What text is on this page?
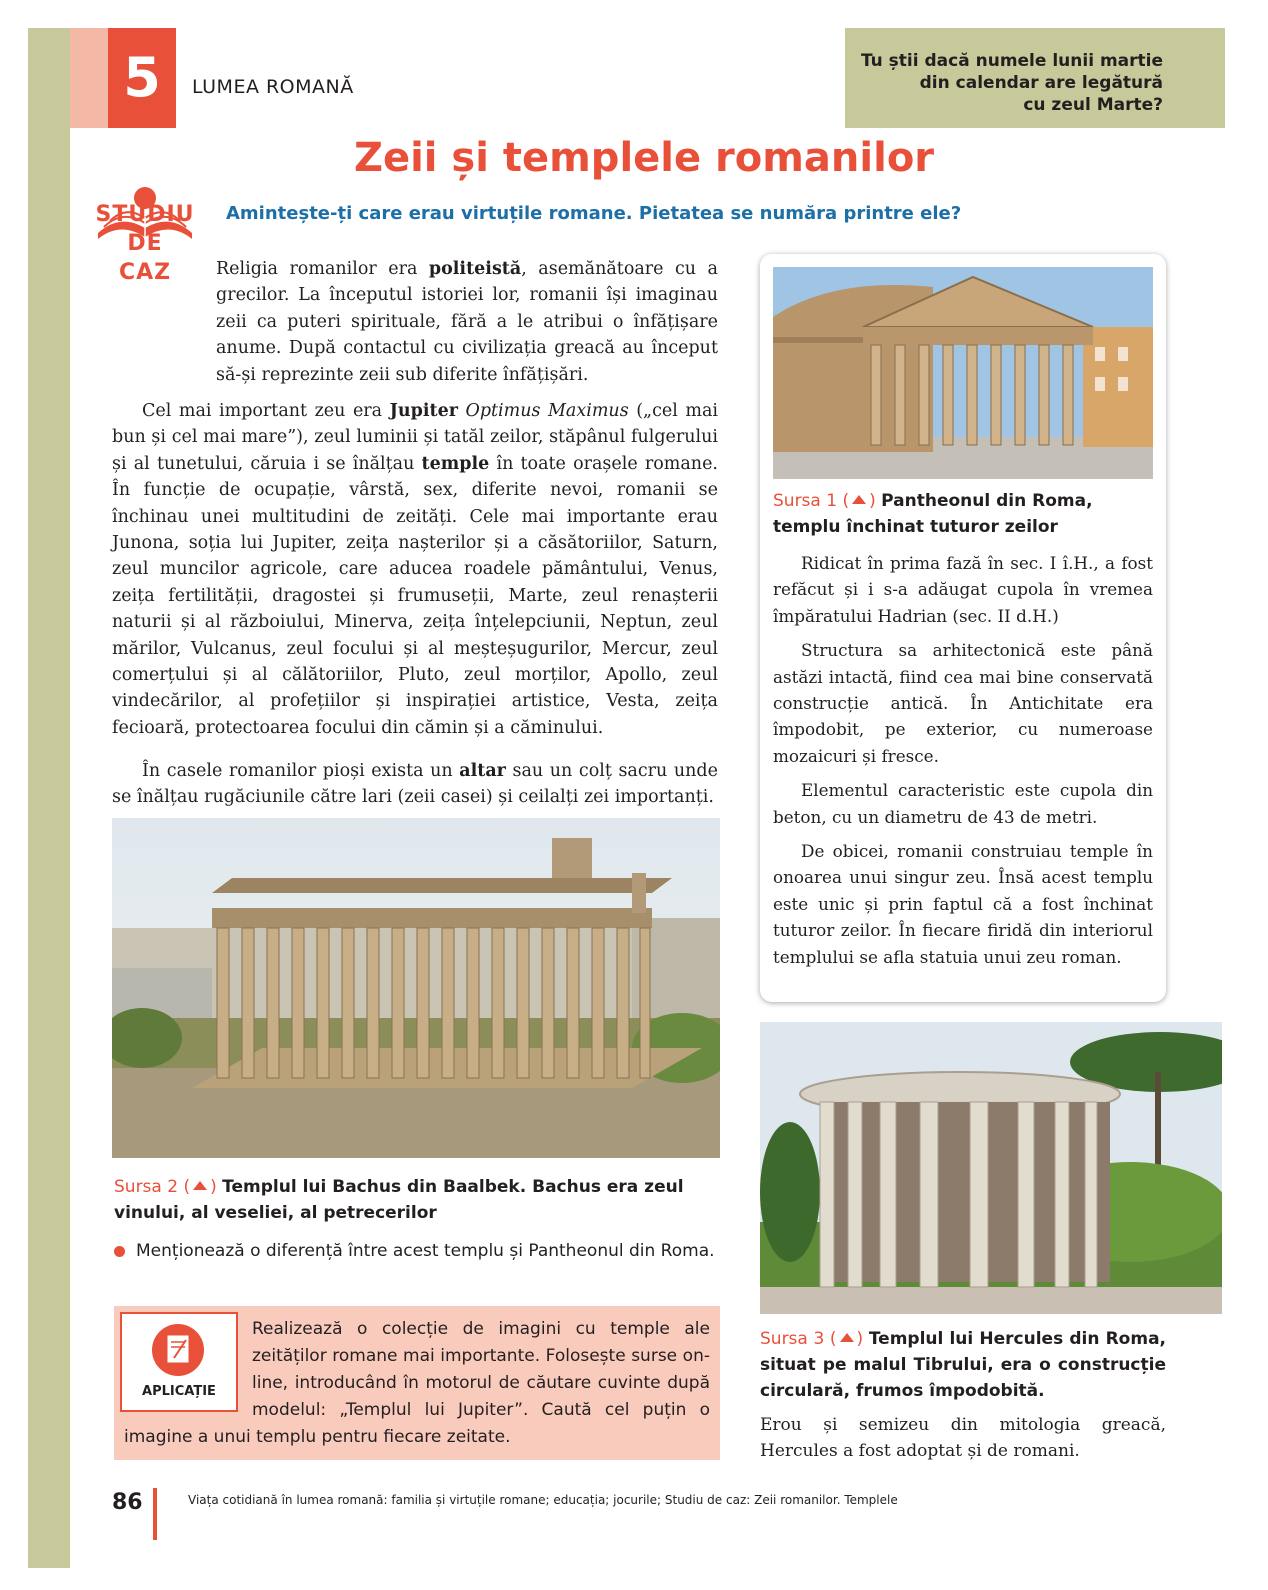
5	LUMEA ROMANĂ
Tu știi dacă numele lunii martie
din calendar are legătură
cu zeul Marte?
STUDIU
DE
CAZ
Zeii și templele romanilor
Amintește-ți care erau virtuțile romane. Pietatea se număra printre ele?
Religia romanilor era politeistă, asemănătoare cu a grecilor. La începutul istoriei lor, romanii își imaginau zeii ca puteri spirituale, fără a le atribui o înfățișare anume. După contactul cu civilizația greacă au început să-și reprezinte zeii sub diferite înfățișări.
Cel mai important zeu era Jupiter Optimus Maximus („cel mai bun și cel mai mare”), zeul luminii și tatăl zeilor, stăpânul fulgerului și al tunetului, căruia i se înălțau temple în toate orașele romane. În funcție de ocupație, vârstă, sex, diferite nevoi, romanii se închinau unei multitudini de zeități. Cele mai importante erau Junona, soția lui Jupiter, zeița nașterilor și a căsătoriilor, Saturn, zeul muncilor agricole, care aducea roadele pământului, Venus, zeița fertilității, dragostei și frumuseții, Marte, zeul renașterii naturii și al războiului, Minerva, zeița înțelepciunii, Neptun, zeul mărilor, Vulcanus, zeul focului și al meșteșugurilor, Mercur, zeul comerțului și al călătoriilor, Pluto, zeul morților, Apollo, zeul vindecărilor, al profețiilor și inspirației artistice, Vesta, zeița fecioară, protectoarea focului din cămin și a căminului.
În casele romanilor pioși exista un altar sau un colț sacru unde se înălțau rugăciunile către lari (zeii casei) și ceilalți zei importanți.
Sursa 2 ( ) Templul lui Bachus din Baalbek. Bachus era zeul vinului, al veseliei, al petrecerilor
Menționează o diferență între acest templu și Pantheonul din Roma.
Realizează o colecție de imagini cu temple ale zeităților romane mai importante. Folosește surse on-line, introducând în motorul de căutare cuvinte după modelul: „Templul lui Jupiter”. Caută cel puțin o imagine a unui templu pentru fiecare zeitate.
APLICAȚIE
Sursa 1 ( ) Pantheonul din Roma, templu închinat tuturor zeilor

Ridicat în prima fază în sec. I î.H., a fost refăcut și i s-a adăugat cupola în vremea împăratului Hadrian (sec. II d.H.)

Structura sa arhitectonică este până astăzi intactă, fiind cea mai bine conservată construcție antică. În Antichitate era împodobit, pe exterior, cu numeroase mozaicuri și fresce.

Elementul caracteristic este cupola din beton, cu un diametru de 43 de metri.

De obicei, romanii construiau temple în onoarea unui singur zeu. Însă acest templu este unic și prin faptul că a fost închinat tuturor zeilor. În fiecare firidă din interiorul templului se afla statuia unui zeu roman.

Sursa 3 ( ) Templul lui Hercules din Roma, situat pe malul Tibrului, era o construcție circulară, frumos împodobită.
Erou și semizeu din mitologia greacă, Hercules a fost adoptat și de romani.
86	Viața cotidiană în lumea romană: familia și virtuțile romane; educația; jocurile; Studiu de caz: Zeii romanilor. Templele
